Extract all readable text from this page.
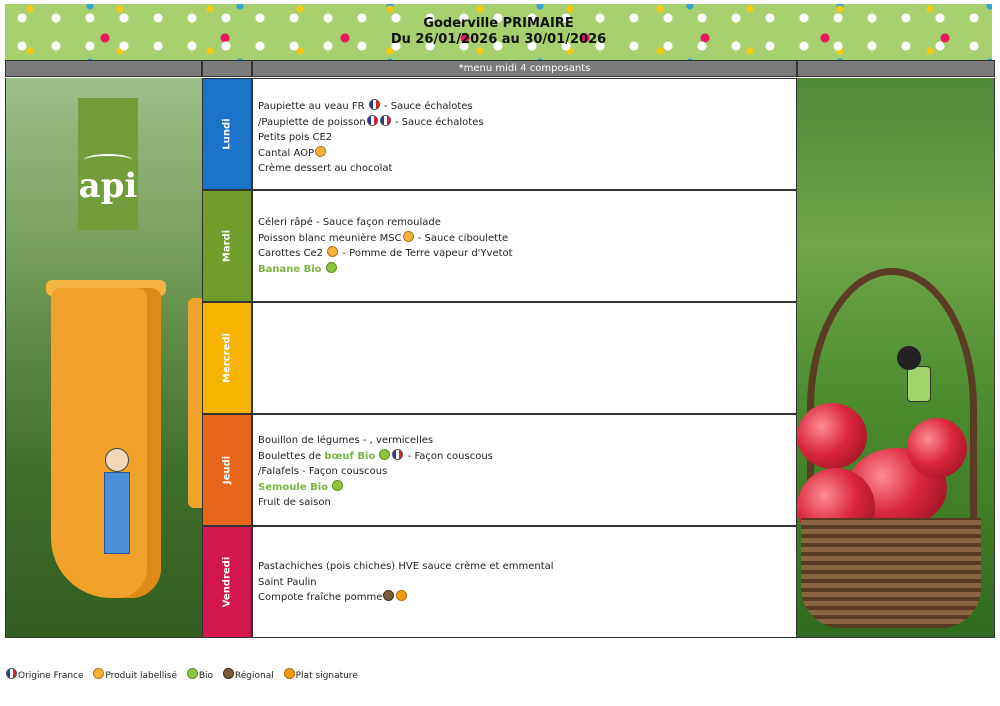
Goderville PRIMAIRE
Du 26/01/2026 au 30/01/2026
*menu midi 4 composants
api
Lundi
Mardi
Mercredi
Jeudi
Vendredi
Paupiette au veau FR  - Sauce échalotes
/Paupiette de poisson	- Sauce échalotes
Petits pois CE2
Cantal AOP
Crème dessert au chocolat
Céleri râpé - Sauce façon remoulade
Poisson blanc meunière MSC - Sauce ciboulette
Carottes Ce2  - Pomme de Terre vapeur d'Yvetot
Banane Bio
Bouillon de légumes - , vermicelles
Boulettes de bœuf Bio	- Façon couscous
/Falafels - Façon couscous
Semoule Bio
Fruit de saison
Pastachiches (pois chiches) HVE sauce crème et emmental
Saint Paulin
Compote fraîche pomme
Origine France Produit labellisé Bio Régional Plat signature
